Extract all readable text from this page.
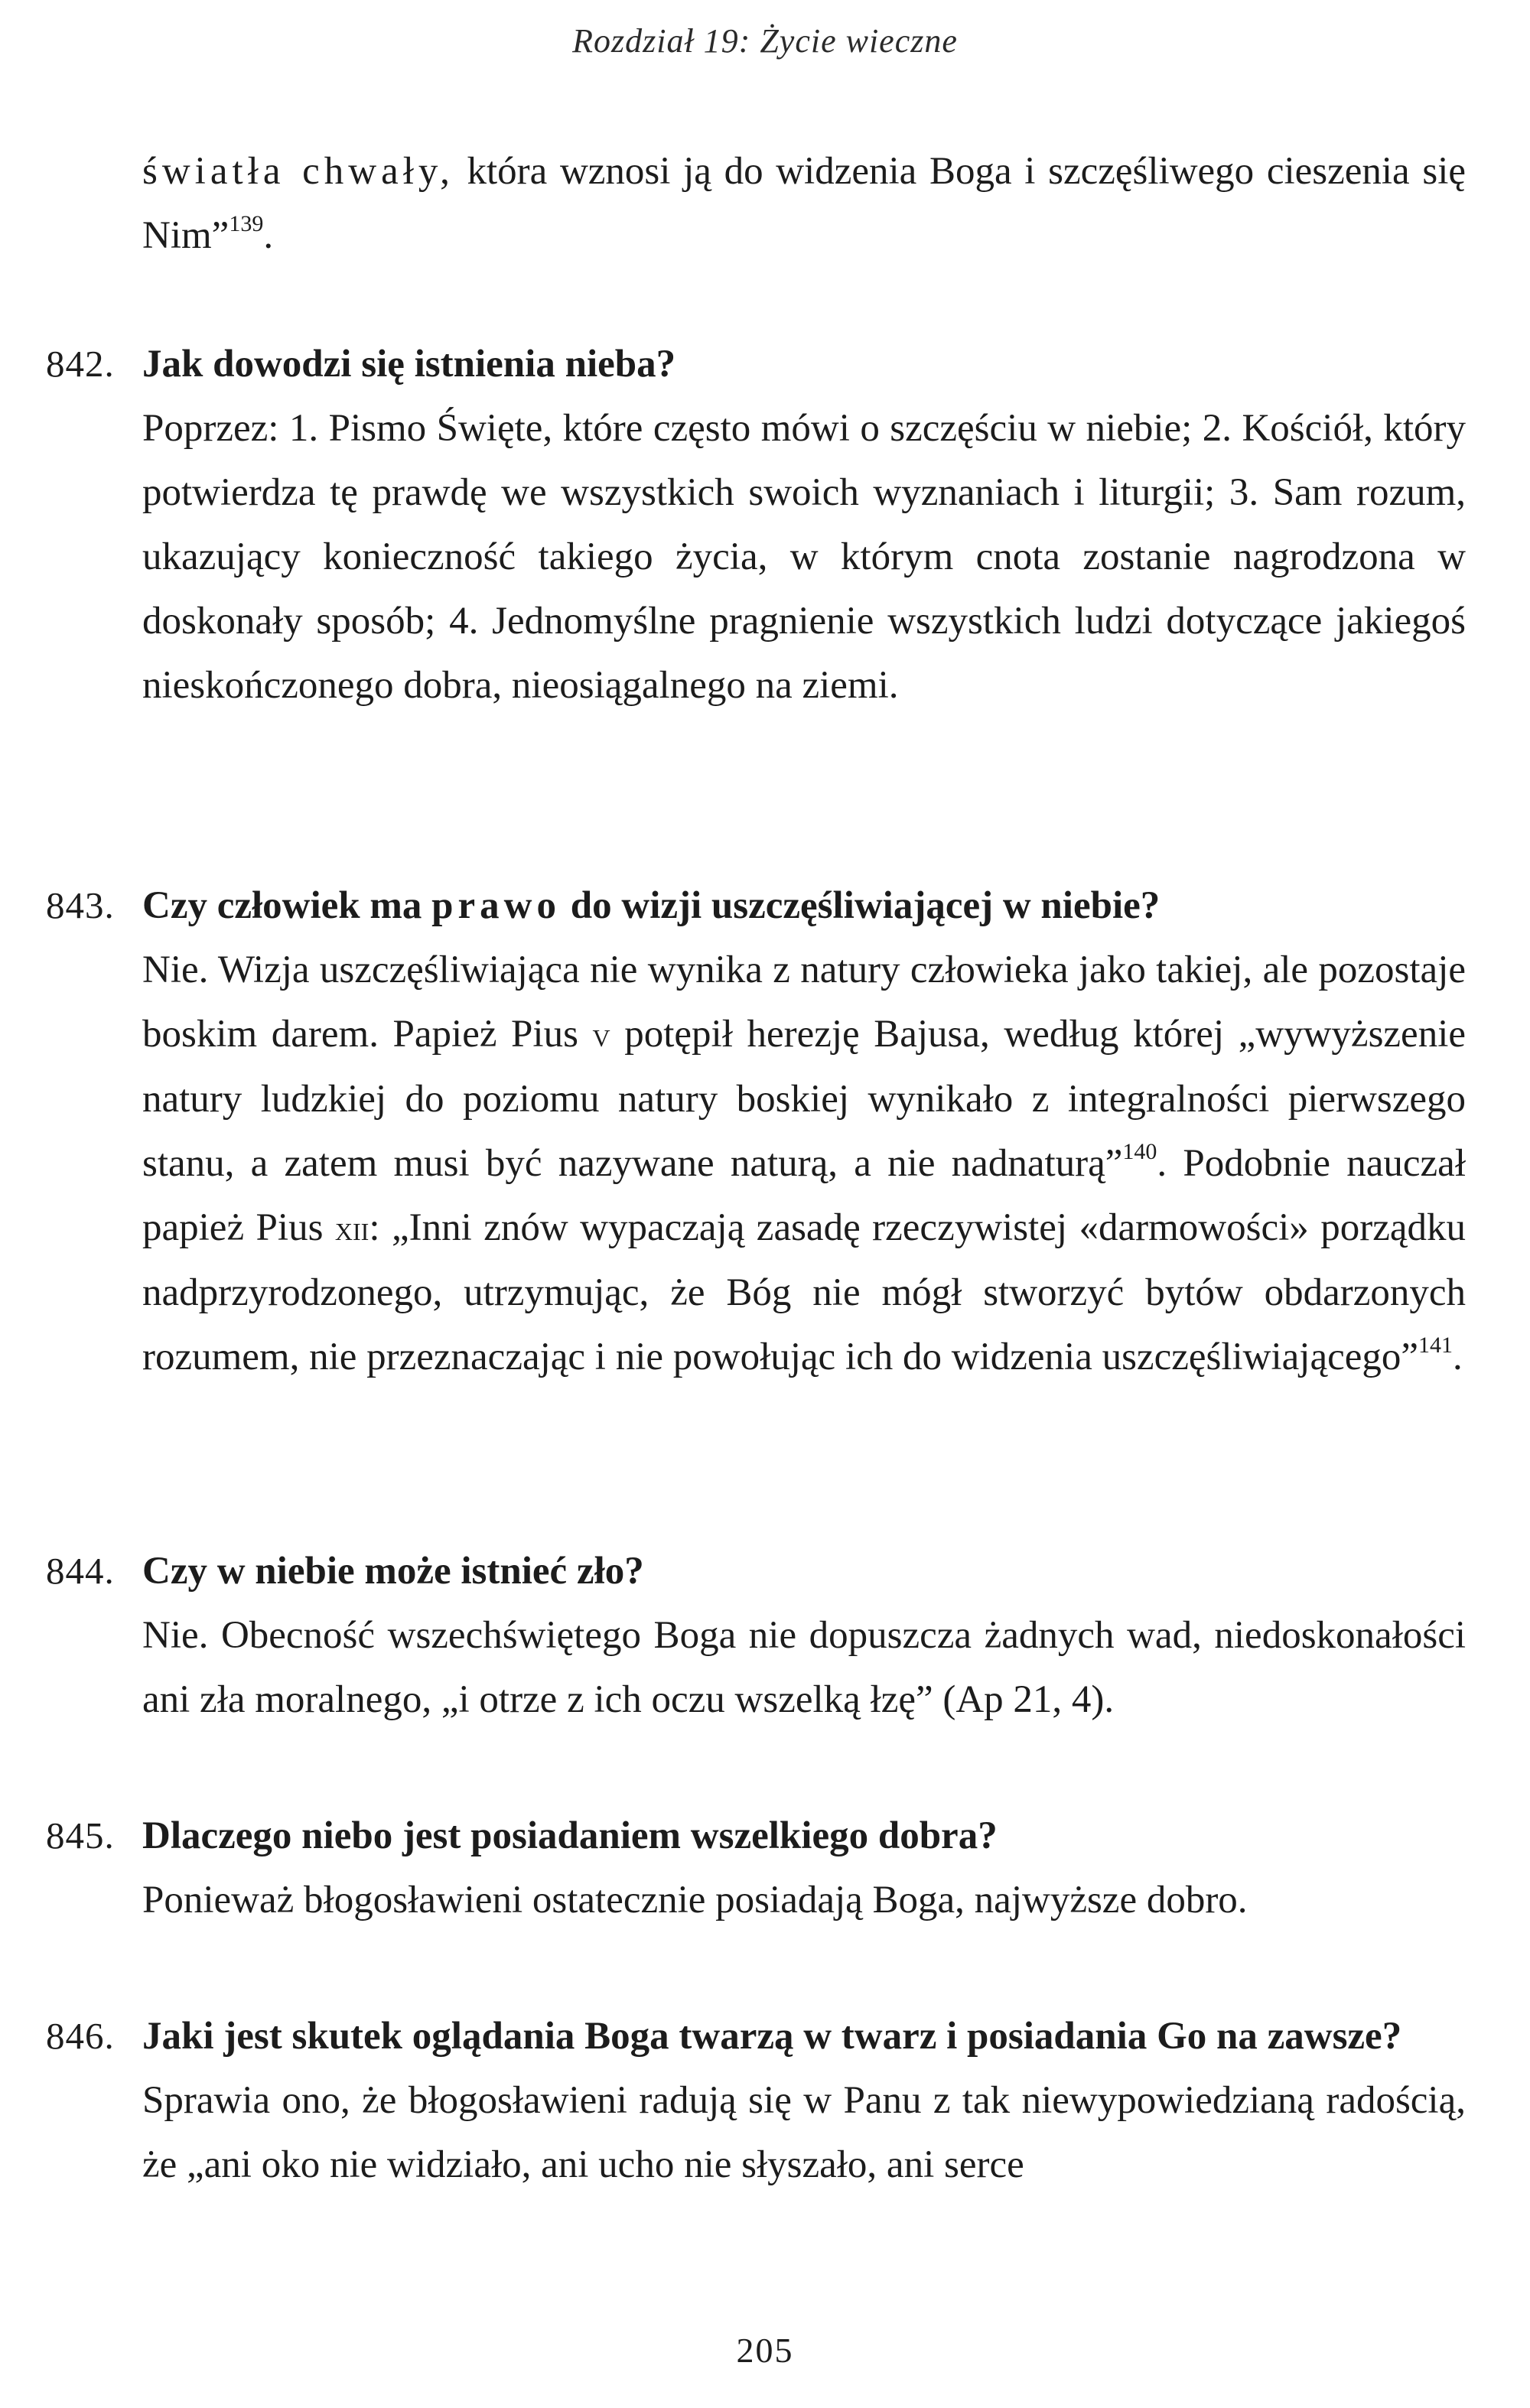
Rozdział 19: Życie wieczne
światła chwały, która wznosi ją do widzenia Boga i szczęśliwego cieszenia się Nim”$^{139}$.
842. Jak dowodzi się istnienia nieba?
Poprzez: 1. Pismo Święte, które często mówi o szczęściu w niebie; 2. Kościół, który potwierdza tę prawdę we wszystkich swoich wyznaniach i liturgii; 3. Sam rozum, ukazujący konieczność takiego życia, w którym cnota zostanie nagrodzona w doskonały sposób; 4. Jednomyślne pragnienie wszystkich ludzi dotyczące jakiegoś nieskończonego dobra, nieosiągalnego na ziemi.
843. Czy człowiek ma prawo do wizji uszczęśliwiającej w niebie?
Nie. Wizja uszczęśliwiająca nie wynika z natury człowieka jako takiej, ale pozostaje boskim darem. Papież Pius v potępił herezję Bajusa, według której „wywyższenie natury ludzkiej do poziomu natury boskiej wynikało z integralności pierwszego stanu, a zatem musi być nazywane naturą, a nie nadnaturą”$^{140}$. Podobnie nauczał papież Pius xii: „Inni znów wypaczają zasadę rzeczywistej «darmowości» porządku nadprzyrodzonego, utrzymując, że Bóg nie mógł stworzyć bytów obdarzonych rozumem, nie przeznaczając i nie powołując ich do widzenia uszczęśliwiającego”$^{141}$.
844. Czy w niebie może istnieć zło?
Nie. Obecność wszechświętego Boga nie dopuszcza żadnych wad, niedoskonałości ani zła moralnego, „i otrze z ich oczu wszelką łzę” (Ap 21, 4).
845. Dlaczego niebo jest posiadaniem wszelkiego dobra?
Ponieważ błogosławieni ostatecznie posiadają Boga, najwyższe dobro.
846. Jaki jest skutek oglądania Boga twarzą w twarz i posiadania Go na zawsze?
Sprawia ono, że błogosławieni radują się w Panu z tak niewypowiedzianą radością, że „ani oko nie widziało, ani ucho nie słyszało, ani serce
205
